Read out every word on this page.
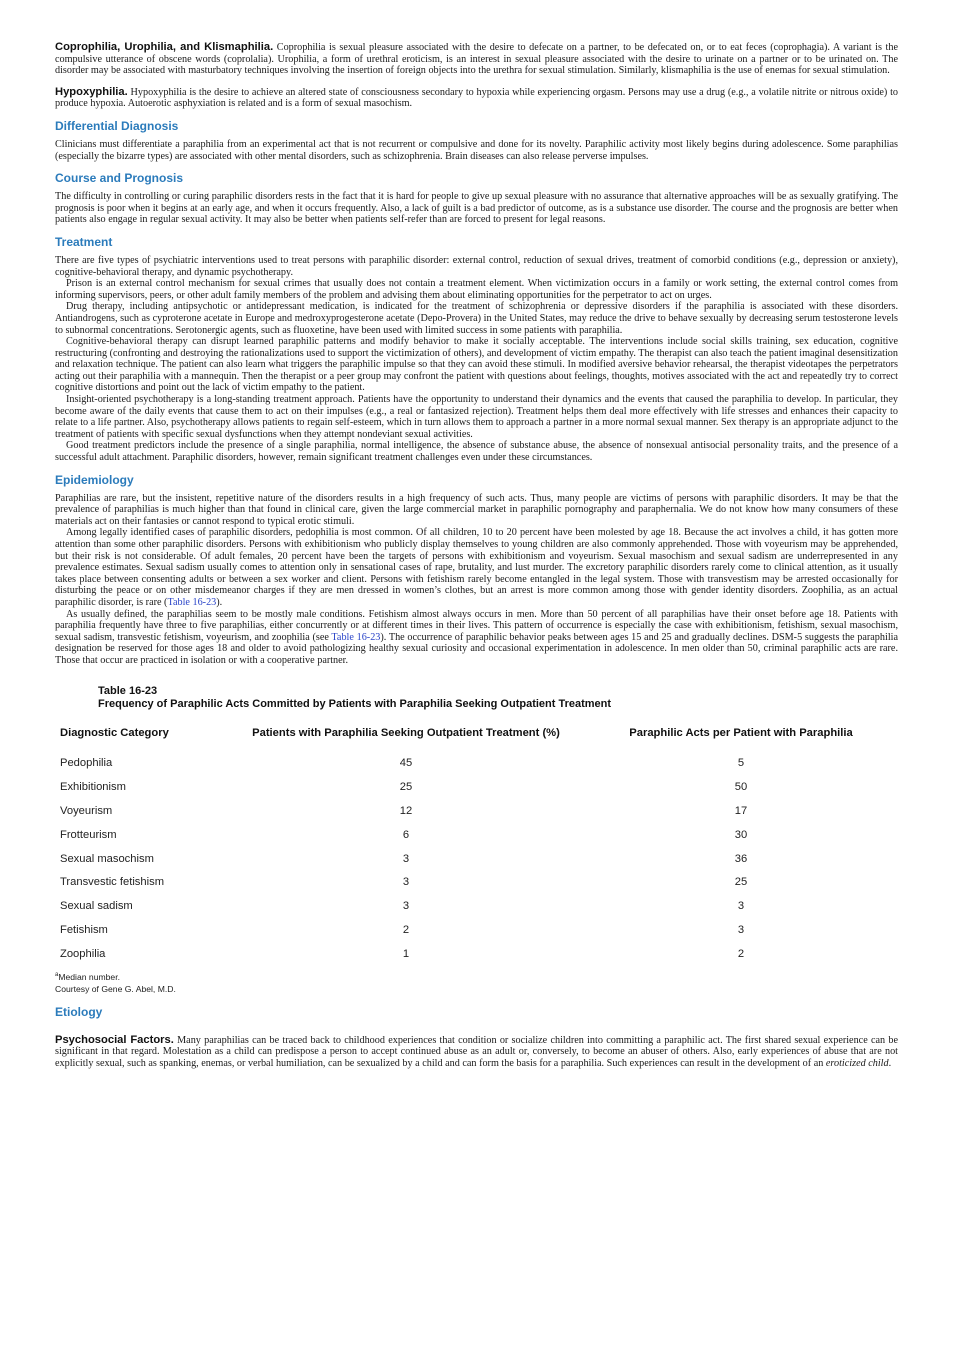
Coprophilia, Urophilia, and Klismaphilia. Coprophilia is sexual pleasure associated with the desire to defecate on a partner, to be defecated on, or to eat feces (coprophagia). A variant is the compulsive utterance of obscene words (coprolalia). Urophilia, a form of urethral eroticism, is an interest in sexual pleasure associated with the desire to urinate on a partner or to be urinated on. The disorder may be associated with masturbatory techniques involving the insertion of foreign objects into the urethra for sexual stimulation. Similarly, klismaphilia is the use of enemas for sexual stimulation.

Hypoxyphilia. Hypoxyphilia is the desire to achieve an altered state of consciousness secondary to hypoxia while experiencing orgasm. Persons may use a drug (e.g., a volatile nitrite or nitrous oxide) to produce hypoxia. Autoerotic asphyxiation is related and is a form of sexual masochism.

Differential Diagnosis

Clinicians must differentiate a paraphilia from an experimental act that is not recurrent or compulsive and done for its novelty. Paraphilic activity most likely begins during adolescence. Some paraphilias (especially the bizarre types) are associated with other mental disorders, such as schizophrenia. Brain diseases can also release perverse impulses.

Course and Prognosis

The difficulty in controlling or curing paraphilic disorders rests in the fact that it is hard for people to give up sexual pleasure with no assurance that alternative approaches will be as sexually gratifying. The prognosis is poor when it begins at an early age, and when it occurs frequently. Also, a lack of guilt is a bad predictor of outcome, as is a substance use disorder. The course and the prognosis are better when patients also engage in regular sexual activity. It may also be better when patients self-refer than are forced to present for legal reasons.

Treatment

There are five types of psychiatric interventions used to treat persons with paraphilic disorder: external control, reduction of sexual drives, treatment of comorbid conditions (e.g., depression or anxiety), cognitive-behavioral therapy, and dynamic psychotherapy.

Prison is an external control mechanism for sexual crimes that usually does not contain a treatment element. When victimization occurs in a family or work setting, the external control comes from informing supervisors, peers, or other adult family members of the problem and advising them about eliminating opportunities for the perpetrator to act on urges.

Drug therapy, including antipsychotic or antidepressant medication, is indicated for the treatment of schizophrenia or depressive disorders if the paraphilia is associated with these disorders. Antiandrogens, such as cyproterone acetate in Europe and medroxyprogesterone acetate (Depo-Provera) in the United States, may reduce the drive to behave sexually by decreasing serum testosterone levels to subnormal concentrations. Serotonergic agents, such as fluoxetine, have been used with limited success in some patients with paraphilia.

Cognitive-behavioral therapy can disrupt learned paraphilic patterns and modify behavior to make it socially acceptable. The interventions include social skills training, sex education, cognitive restructuring (confronting and destroying the rationalizations used to support the victimization of others), and development of victim empathy. The therapist can also teach the patient imaginal desensitization and relaxation technique. The patient can also learn what triggers the paraphilic impulse so that they can avoid these stimuli. In modified aversive behavior rehearsal, the therapist videotapes the perpetrators acting out their paraphilia with a mannequin. Then the therapist or a peer group may confront the patient with questions about feelings, thoughts, motives associated with the act and repeatedly try to correct cognitive distortions and point out the lack of victim empathy to the patient.

Insight-oriented psychotherapy is a long-standing treatment approach. Patients have the opportunity to understand their dynamics and the events that caused the paraphilia to develop. In particular, they become aware of the daily events that cause them to act on their impulses (e.g., a real or fantasized rejection). Treatment helps them deal more effectively with life stresses and enhances their capacity to relate to a life partner. Also, psychotherapy allows patients to regain self-esteem, which in turn allows them to approach a partner in a more normal sexual manner. Sex therapy is an appropriate adjunct to the treatment of patients with specific sexual dysfunctions when they attempt nondeviant sexual activities.

Good treatment predictors include the presence of a single paraphilia, normal intelligence, the absence of substance abuse, the absence of nonsexual antisocial personality traits, and the presence of a successful adult attachment. Paraphilic disorders, however, remain significant treatment challenges even under these circumstances.

Epidemiology

Paraphilias are rare, but the insistent, repetitive nature of the disorders results in a high frequency of such acts. Thus, many people are victims of persons with paraphilic disorders. It may be that the prevalence of paraphilias is much higher than that found in clinical care, given the large commercial market in paraphilic pornography and paraphernalia. We do not know how many consumers of these materials act on their fantasies or cannot respond to typical erotic stimuli.

Among legally identified cases of paraphilic disorders, pedophilia is most common. Of all children, 10 to 20 percent have been molested by age 18. Because the act involves a child, it has gotten more attention than some other paraphilic disorders. Persons with exhibitionism who publicly display themselves to young children are also commonly apprehended. Those with voyeurism may be apprehended, but their risk is not considerable. Of adult females, 20 percent have been the targets of persons with exhibitionism and voyeurism. Sexual masochism and sexual sadism are underrepresented in any prevalence estimates. Sexual sadism usually comes to attention only in sensational cases of rape, brutality, and lust murder. The excretory paraphilic disorders rarely come to clinical attention, as it usually takes place between consenting adults or between a sex worker and client. Persons with fetishism rarely become entangled in the legal system. Those with transvestism may be arrested occasionally for disturbing the peace or on other misdemeanor charges if they are men dressed in women’s clothes, but an arrest is more common among those with gender identity disorders. Zoophilia, as an actual paraphilic disorder, is rare (Table 16-23).

As usually defined, the paraphilias seem to be mostly male conditions. Fetishism almost always occurs in men. More than 50 percent of all paraphilias have their onset before age 18. Patients with paraphilia frequently have three to five paraphilias, either concurrently or at different times in their lives. This pattern of occurrence is especially the case with exhibitionism, fetishism, sexual masochism, sexual sadism, transvestic fetishism, voyeurism, and zoophilia (see Table 16-23). The occurrence of paraphilic behavior peaks between ages 15 and 25 and gradually declines. DSM-5 suggests the paraphilia designation be reserved for those ages 18 and older to avoid pathologizing healthy sexual curiosity and occasional experimentation in adolescence. In men older than 50, criminal paraphilic acts are rare. Those that occur are practiced in isolation or with a cooperative partner.

Table 16-23
Frequency of Paraphilic Acts Committed by Patients with Paraphilia Seeking Outpatient Treatment
Diagnostic Category	Patients with Paraphilia Seeking Outpatient Treatment (%)	Paraphilic Acts per Patient with Paraphilia
Pedophilia	45	5
Exhibitionism	25	50
Voyeurism	12	17
Frotteurism	6	30
Sexual masochism	3	36
Transvestic fetishism	3	25
Sexual sadism	3	3
Fetishism	2	3
Zoophilia	1	2
$^a$Median number.
Courtesy of Gene G. Abel, M.D.
Etiology

Psychosocial Factors. Many paraphilias can be traced back to childhood experiences that condition or socialize children into committing a paraphilic act. The first shared sexual experience can be significant in that regard. Molestation as a child can predispose a person to accept continued abuse as an adult or, conversely, to become an abuser of others. Also, early experiences of abuse that are not explicitly sexual, such as spanking, enemas, or verbal humiliation, can be sexualized by a child and can form the basis for a paraphilia. Such experiences can result in the development of an eroticized child.
